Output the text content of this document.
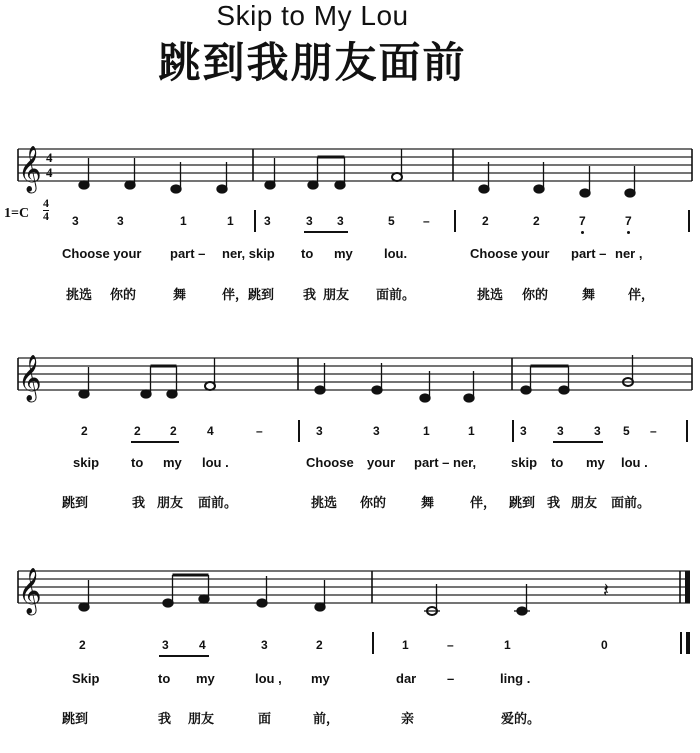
Skip to My Lou
跳到我朋友面前
𝄞
𝄞
𝄞
4
4
𝄽
1=C
4
4 3	3	1	1	3	3 3	5 –	2	2	7	7
Choose your part – ner, skip to my lou.	Choose your part – ner ,
挑选 你的	舞	伴，跳到 我 朋友 面前。	挑选 你的	舞	伴，
2	2 2	4	–	3	3	1	1	3	3	3 5 –
skip to my lou .	Choose your part – ner,	skip to my lou .
跳到	我 朋友 面前。	挑选 你的	舞	伴， 跳到 我 朋友 面前。
2	3	4	3	2	1	–	1	0
Skip	to my	lou , my	dar –	ling .
跳到	我 朋友	面	前，	亲	爱的。
